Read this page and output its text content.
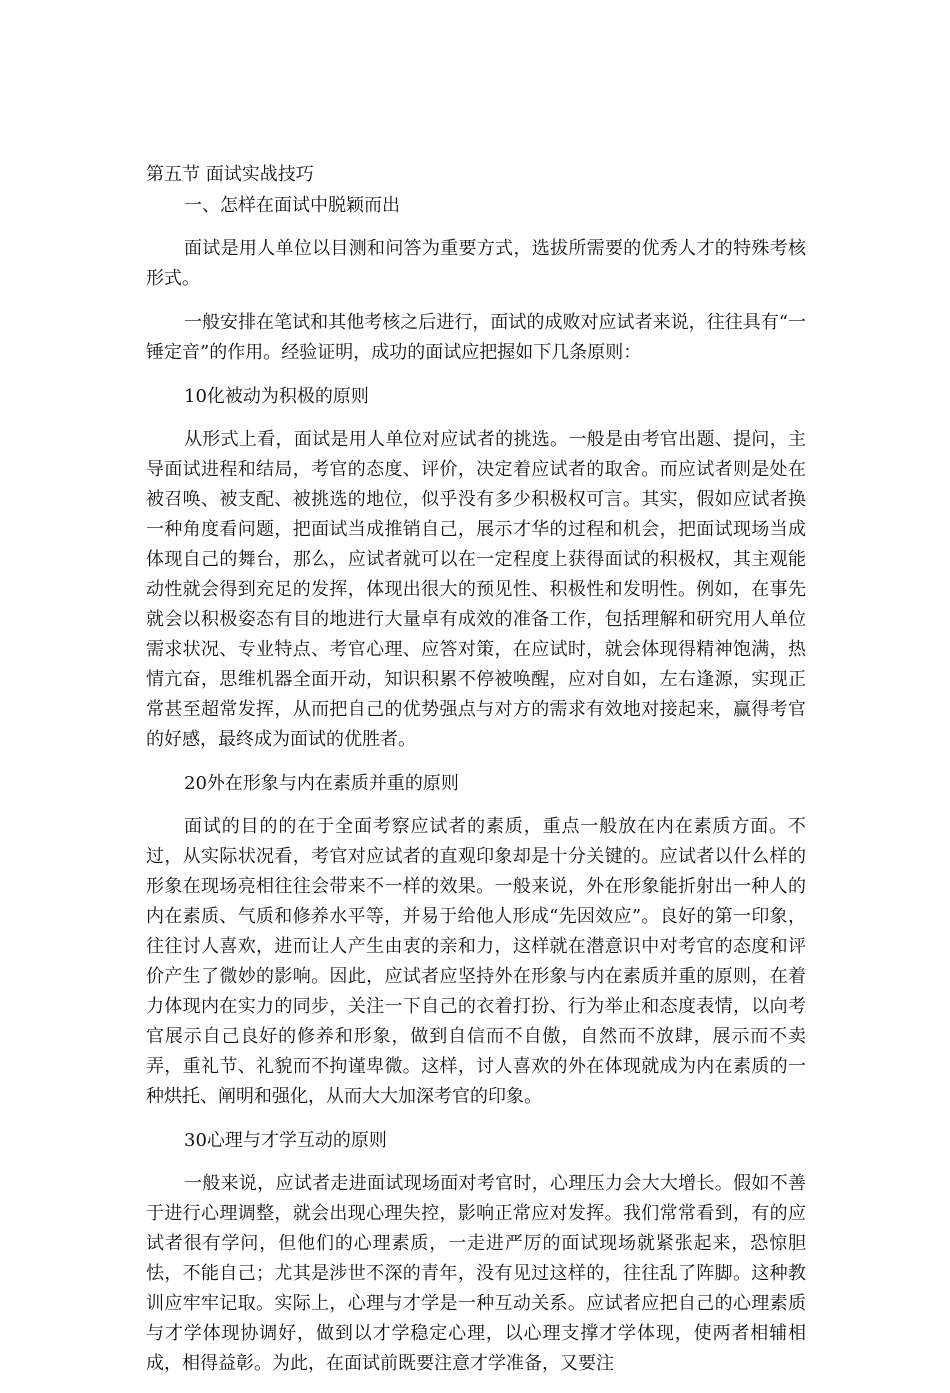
第五节 面试实战技巧
一、怎样在面试中脱颖而出

面试是用人单位以目测和问答为重要方式，选拔所需要的优秀人才的特殊考核形式。

一般安排在笔试和其他考核之后进行，面试的成败对应试者来说，往往具有“一锤定音”的作用。经验证明，成功的面试应把握如下几条原则：

10化被动为积极的原则

从形式上看，面试是用人单位对应试者的挑选。一般是由考官出题、提问，主导面试进程和结局，考官的态度、评价，决定着应试者的取舍。而应试者则是处在被召唤、被支配、被挑选的地位，似乎没有多少积极权可言。其实，假如应试者换一种角度看问题，把面试当成推销自己，展示才华的过程和机会，把面试现场当成体现自己的舞台，那么，应试者就可以在一定程度上获得面试的积极权，其主观能动性就会得到充足的发挥，体现出很大的预见性、积极性和发明性。例如，在事先就会以积极姿态有目的地进行大量卓有成效的准备工作，包括理解和研究用人单位需求状况、专业特点、考官心理、应答对策，在应试时，就会体现得精神饱满，热情亢奋，思维机器全面开动，知识积累不停被唤醒，应对自如，左右逢源，实现正常甚至超常发挥，从而把自己的优势强点与对方的需求有效地对接起来，赢得考官的好感，最终成为面试的优胜者。

20外在形象与内在素质并重的原则

面试的目的的在于全面考察应试者的素质，重点一般放在内在素质方面。不过，从实际状况看，考官对应试者的直观印象却是十分关键的。应试者以什么样的形象在现场亮相往往会带来不一样的效果。一般来说，外在形象能折射出一种人的内在素质、气质和修养水平等，并易于给他人形成“先因效应”。良好的第一印象，往往讨人喜欢，进而让人产生由衷的亲和力，这样就在潜意识中对考官的态度和评价产生了微妙的影响。因此，应试者应坚持外在形象与内在素质并重的原则，在着力体现内在实力的同步，关注一下自己的衣着打扮、行为举止和态度表情，以向考官展示自己良好的修养和形象，做到自信而不自傲，自然而不放肆，展示而不卖弄，重礼节、礼貌而不拘谨卑微。这样，讨人喜欢的外在体现就成为内在素质的一种烘托、阐明和强化，从而大大加深考官的印象。

30心理与才学互动的原则

一般来说，应试者走进面试现场面对考官时，心理压力会大大增长。假如不善于进行心理调整，就会出现心理失控，影响正常应对发挥。我们常常看到，有的应试者很有学问，但他们的心理素质，一走进严厉的面试现场就紧张起来，恐惊胆怯，不能自己；尤其是涉世不深的青年，没有见过这样的，往往乱了阵脚。这种教训应牢牢记取。实际上，心理与才学是一种互动关系。应试者应把自己的心理素质与才学体现协调好，做到以才学稳定心理，以心理支撑才学体现，使两者相辅相成，相得益彰。为此，在面试前既要注意才学准备，又要注
